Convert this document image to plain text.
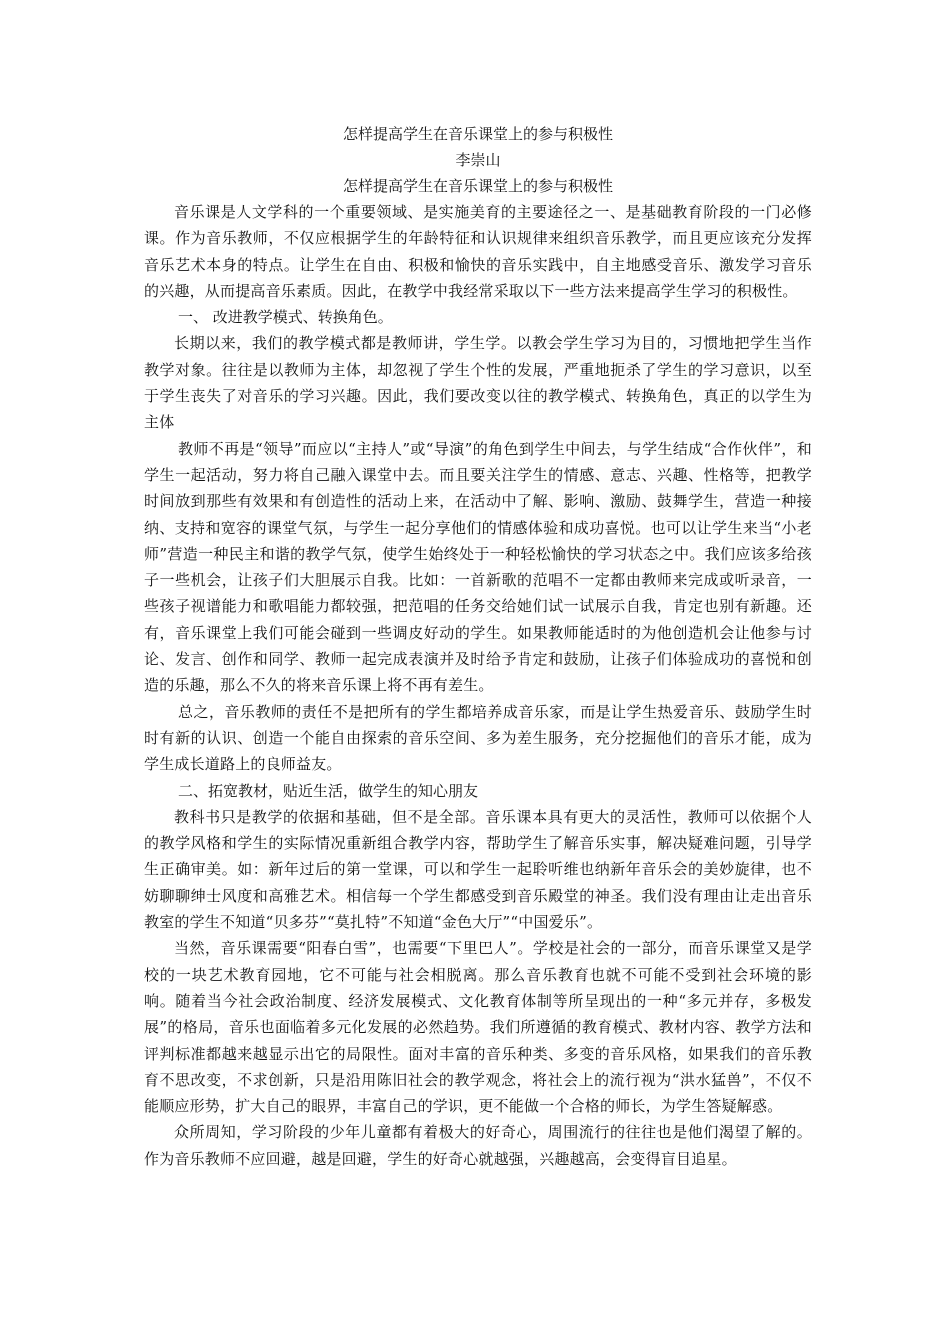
怎样提高学生在音乐课堂上的参与积极性

李崇山

怎样提高学生在音乐课堂上的参与积极性

音乐课是人文学科的一个重要领域、是实施美育的主要途径之一、是基础教育阶段的一门必修课。作为音乐教师，不仅应根据学生的年龄特征和认识规律来组织音乐教学，而且更应该充分发挥音乐艺术本身的特点。让学生在自由、积极和愉快的音乐实践中，自主地感受音乐、激发学习音乐的兴趣，从而提高音乐素质。因此，在教学中我经常采取以下一些方法来提高学生学习的积极性。

一、 改进教学模式、转换角色。

长期以来，我们的教学模式都是教师讲，学生学。以教会学生学习为目的，习惯地把学生当作教学对象。往往是以教师为主体，却忽视了学生个性的发展，严重地扼杀了学生的学习意识，以至于学生丧失了对音乐的学习兴趣。因此，我们要改变以往的教学模式、转换角色，真正的以学生为主体

教师不再是“领导”而应以“主持人”或“导演”的角色到学生中间去，与学生结成“合作伙伴”，和学生一起活动，努力将自己融入课堂中去。而且要关注学生的情感、意志、兴趣、性格等，把教学时间放到那些有效果和有创造性的活动上来，在活动中了解、影响、激励、鼓舞学生，营造一种接纳、支持和宽容的课堂气氛，与学生一起分享他们的情感体验和成功喜悦。也可以让学生来当“小老师”营造一种民主和谐的教学气氛，使学生始终处于一种轻松愉快的学习状态之中。我们应该多给孩子一些机会，让孩子们大胆展示自我。比如：一首新歌的范唱不一定都由教师来完成或听录音，一些孩子视谱能力和歌唱能力都较强，把范唱的任务交给她们试一试展示自我，肯定也别有新趣。还有，音乐课堂上我们可能会碰到一些调皮好动的学生。如果教师能适时的为他创造机会让他参与讨论、发言、创作和同学、教师一起完成表演并及时给予肯定和鼓励，让孩子们体验成功的喜悦和创造的乐趣，那么不久的将来音乐课上将不再有差生。

总之，音乐教师的责任不是把所有的学生都培养成音乐家，而是让学生热爱音乐、鼓励学生时时有新的认识、创造一个能自由探索的音乐空间、多为差生服务，充分挖掘他们的音乐才能，成为学生成长道路上的良师益友。

二、拓宽教材，贴近生活，做学生的知心朋友

教科书只是教学的依据和基础，但不是全部。音乐课本具有更大的灵活性，教师可以依据个人的教学风格和学生的实际情况重新组合教学内容，帮助学生了解音乐实事，解决疑难问题，引导学生正确审美。如：新年过后的第一堂课，可以和学生一起聆听维也纳新年音乐会的美妙旋律，也不妨聊聊绅士风度和高雅艺术。相信每一个学生都感受到音乐殿堂的神圣。我们没有理由让走出音乐教室的学生不知道“贝多芬”“莫扎特”不知道“金色大厅”“中国爱乐”。

当然，音乐课需要“阳春白雪”，也需要“下里巴人”。学校是社会的一部分，而音乐课堂又是学校的一块艺术教育园地，它不可能与社会相脱离。那么音乐教育也就不可能不受到社会环境的影响。随着当今社会政治制度、经济发展模式、文化教育体制等所呈现出的一种“多元并存，多极发展”的格局，音乐也面临着多元化发展的必然趋势。我们所遵循的教育模式、教材内容、教学方法和评判标准都越来越显示出它的局限性。面对丰富的音乐种类、多变的音乐风格，如果我们的音乐教育不思改变，不求创新，只是沿用陈旧社会的教学观念，将社会上的流行视为“洪水猛兽”，不仅不能顺应形势，扩大自己的眼界，丰富自己的学识，更不能做一个合格的师长，为学生答疑解惑。

众所周知，学习阶段的少年儿童都有着极大的好奇心，周围流行的往往也是他们渴望了解的。作为音乐教师不应回避，越是回避，学生的好奇心就越强，兴趣越高，会变得盲目追星。
